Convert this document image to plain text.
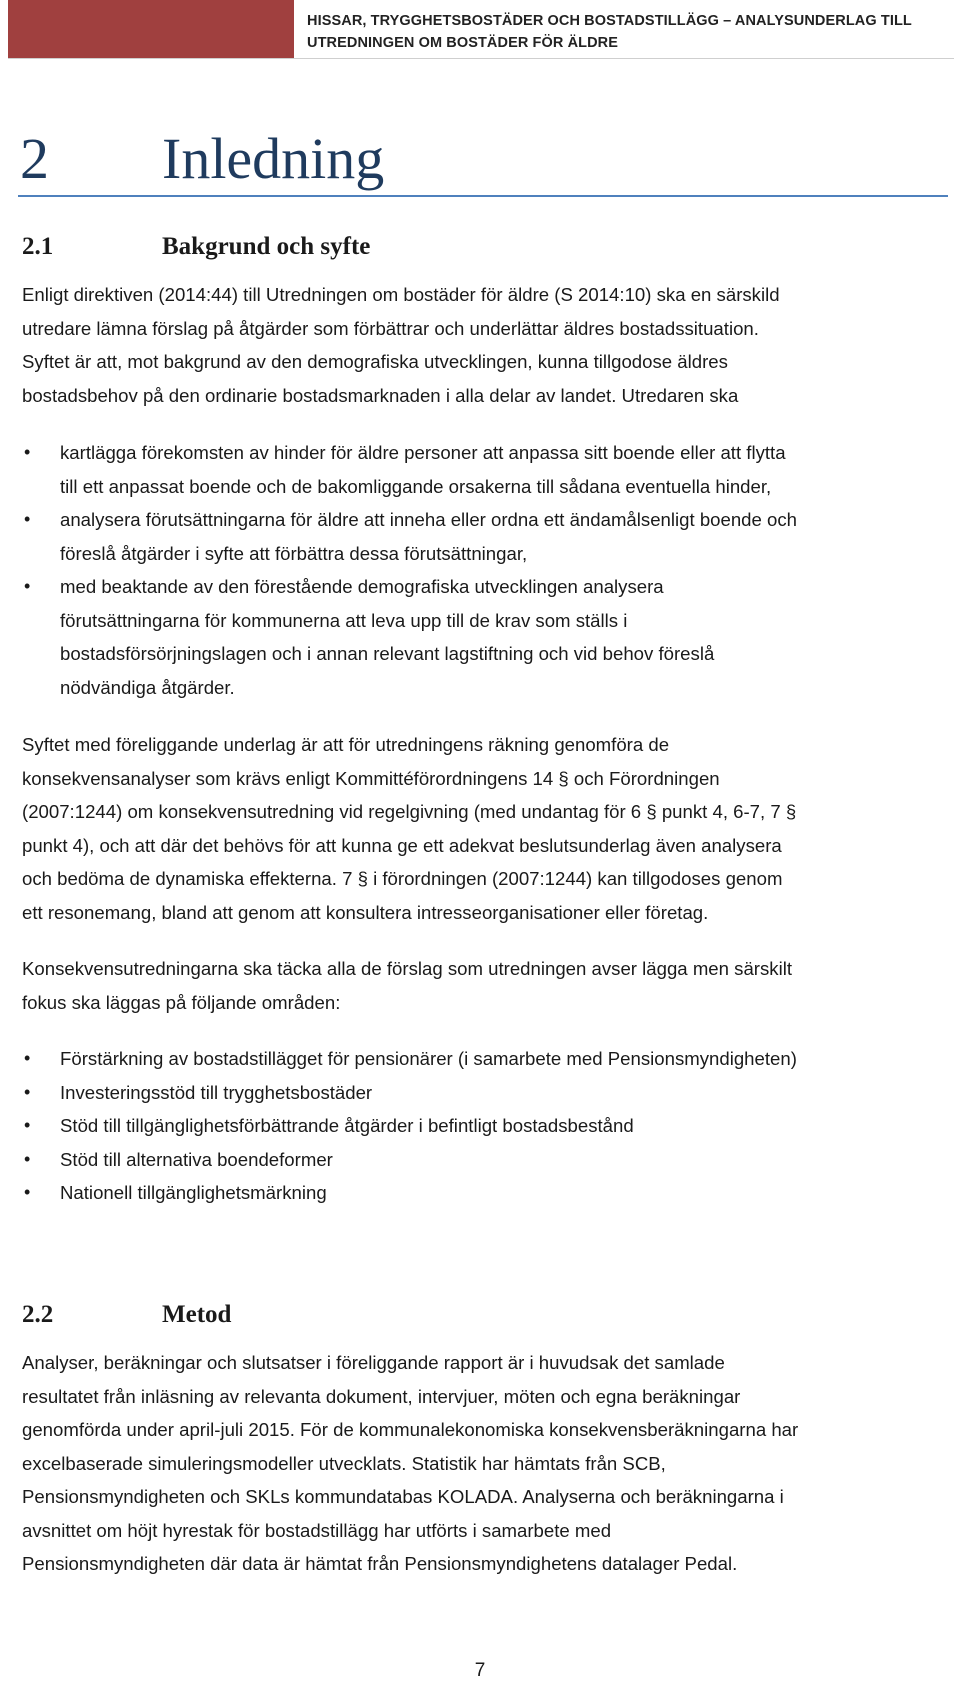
HISSAR, TRYGGHETSBOSTÄDER OCH BOSTADSTILLÄGG – ANALYSUNDERLAG TILL
UTREDNINGEN OM BOSTÄDER FÖR ÄLDRE
2 Inledning
2.1	Bakgrund och syfte
Enligt direktiven (2014:44) till Utredningen om bostäder för äldre (S 2014:10) ska en särskild
utredare lämna förslag på åtgärder som förbättrar och underlättar äldres bostadssituation.
Syftet är att, mot bakgrund av den demografiska utvecklingen, kunna tillgodose äldres
bostadsbehov på den ordinarie bostadsmarknaden i alla delar av landet. Utredaren ska
•	kartlägga förekomsten av hinder för äldre personer att anpassa sitt boende eller att flytta
till ett anpassat boende och de bakomliggande orsakerna till sådana eventuella hinder,
•	analysera förutsättningarna för äldre att inneha eller ordna ett ändamålsenligt boende och
föreslå åtgärder i syfte att förbättra dessa förutsättningar,
•	med beaktande av den förestående demografiska utvecklingen analysera
förutsättningarna för kommunerna att leva upp till de krav som ställs i
bostadsförsörjningslagen och i annan relevant lagstiftning och vid behov föreslå
nödvändiga åtgärder.
Syftet med föreliggande underlag är att för utredningens räkning genomföra de
konsekvensanalyser som krävs enligt Kommittéförordningens 14 § och Förordningen
(2007:1244) om konsekvensutredning vid regelgivning (med undantag för 6 § punkt 4, 6-7, 7 §
punkt 4), och att där det behövs för att kunna ge ett adekvat beslutsunderlag även analysera
och bedöma de dynamiska effekterna. 7 § i förordningen (2007:1244) kan tillgodoses genom
ett resonemang, bland att genom att konsultera intresseorganisationer eller företag.
Konsekvensutredningarna ska täcka alla de förslag som utredningen avser lägga men särskilt
fokus ska läggas på följande områden:
•	Förstärkning av bostadstillägget för pensionärer (i samarbete med Pensionsmyndigheten)
•	Investeringsstöd till trygghetsbostäder
•	Stöd till tillgänglighetsförbättrande åtgärder i befintligt bostadsbestånd
•	Stöd till alternativa boendeformer
•	Nationell tillgänglighetsmärkning
2.2	Metod
Analyser, beräkningar och slutsatser i föreliggande rapport är i huvudsak det samlade
resultatet från inläsning av relevanta dokument, intervjuer, möten och egna beräkningar
genomförda under april-juli 2015. För de kommunalekonomiska konsekvensberäkningarna har
excelbaserade simuleringsmodeller utvecklats. Statistik har hämtats från SCB,
Pensionsmyndigheten och SKLs kommundatabas KOLADA. Analyserna och beräkningarna i
avsnittet om höjt hyrestak för bostadstillägg har utförts i samarbete med
Pensionsmyndigheten där data är hämtat från Pensionsmyndighetens datalager Pedal.
7
